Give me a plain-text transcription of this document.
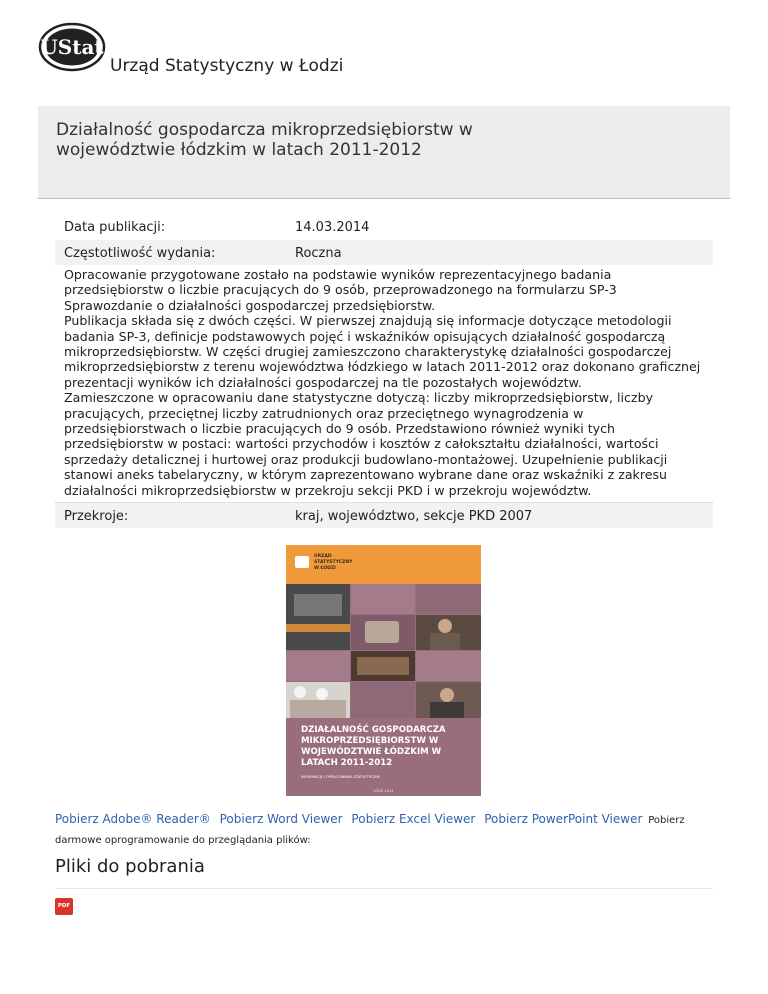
UStat
Urząd Statystyczny w Łodzi
Działalność gospodarcza mikroprzedsiębiorstw w województwie łódzkim w latach 2011-2012
Data publikacji:	14.03.2014
Częstotliwość wydania:	Roczna

Opracowanie przygotowane zostało na podstawie wyników reprezentacyjnego badania przedsiębiorstw o liczbie pracujących do 9 osób, przeprowadzonego na formularzu SP-3 Sprawozdanie o działalności gospodarczej przedsiębiorstw.

Publikacja składa się z dwóch części. W pierwszej znajdują się informacje dotyczące metodologii badania SP-3, definicje podstawowych pojęć i wskaźników opisujących działalność gospodarczą mikroprzedsiębiorstw. W części drugiej zamieszczono charakterystykę działalności gospodarczej mikroprzedsiębiorstw z terenu województwa łódzkiego w latach 2011-2012 oraz dokonano graficznej prezentacji wyników ich działalności gospodarczej na tle pozostałych województw.

Zamieszczone w opracowaniu dane statystyczne dotyczą: liczby mikroprzedsiębiorstw, liczby pracujących, przeciętnej liczby zatrudnionych oraz przeciętnego wynagrodzenia w przedsiębiorstwach o liczbie pracujących do 9 osób. Przedstawiono również wyniki tych przedsiębiorstw w postaci: wartości przychodów i kosztów z całokształtu działalności, wartości sprzedaży detalicznej i hurtowej oraz produkcji budowlano-montażowej. Uzupełnienie publikacji stanowi aneks tabelaryczny, w którym zaprezentowano wybrane dane oraz wskaźniki z zakresu działalności mikroprzedsiębiorstw w przekroju sekcji PKD i w przekroju województw.

Przekroje:	kraj, województwo, sekcje PKD 2007
URZĄD STATYSTYCZNY W ŁODZI
DZIAŁALNOŚĆ GOSPODARCZA MIKROPRZEDSIĘBIORSTW W WOJEWÓDZTWIE ŁÓDZKIM W LATACH 2011-2012
INFORMACJE I OPRACOWANIA STATYSTYCZNE
ŁÓDŹ 2014
Pobierz Adobe® Reader® Pobierz Word Viewer Pobierz Excel Viewer Pobierz PowerPoint Viewer Pobierz darmowe oprogramowanie do przeglądania plików:
Pliki do pobrania
PDF
